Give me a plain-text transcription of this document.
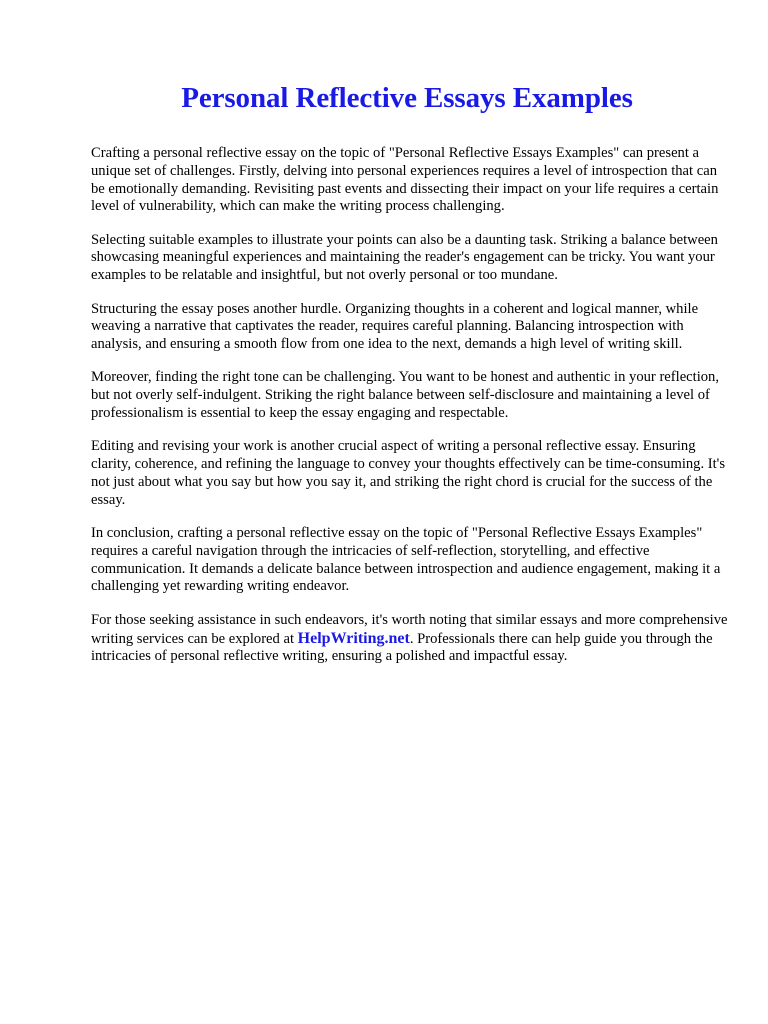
Personal Reflective Essays Examples

Crafting a personal reflective essay on the topic of "Personal Reflective Essays Examples" can present a unique set of challenges. Firstly, delving into personal experiences requires a level of introspection that can be emotionally demanding. Revisiting past events and dissecting their impact on your life requires a certain level of vulnerability, which can make the writing process challenging.

Selecting suitable examples to illustrate your points can also be a daunting task. Striking a balance between showcasing meaningful experiences and maintaining the reader's engagement can be tricky. You want your examples to be relatable and insightful, but not overly personal or too mundane.

Structuring the essay poses another hurdle. Organizing thoughts in a coherent and logical manner, while weaving a narrative that captivates the reader, requires careful planning. Balancing introspection with analysis, and ensuring a smooth flow from one idea to the next, demands a high level of writing skill.

Moreover, finding the right tone can be challenging. You want to be honest and authentic in your reflection, but not overly self-indulgent. Striking the right balance between self-disclosure and maintaining a level of professionalism is essential to keep the essay engaging and respectable.

Editing and revising your work is another crucial aspect of writing a personal reflective essay. Ensuring clarity, coherence, and refining the language to convey your thoughts effectively can be time-consuming. It's not just about what you say but how you say it, and striking the right chord is crucial for the success of the essay.

In conclusion, crafting a personal reflective essay on the topic of "Personal Reflective Essays Examples" requires a careful navigation through the intricacies of self-reflection, storytelling, and effective communication. It demands a delicate balance between introspection and audience engagement, making it a challenging yet rewarding writing endeavor.

For those seeking assistance in such endeavors, it's worth noting that similar essays and more comprehensive writing services can be explored at HelpWriting.net. Professionals there can help guide you through the intricacies of personal reflective writing, ensuring a polished and impactful essay.
